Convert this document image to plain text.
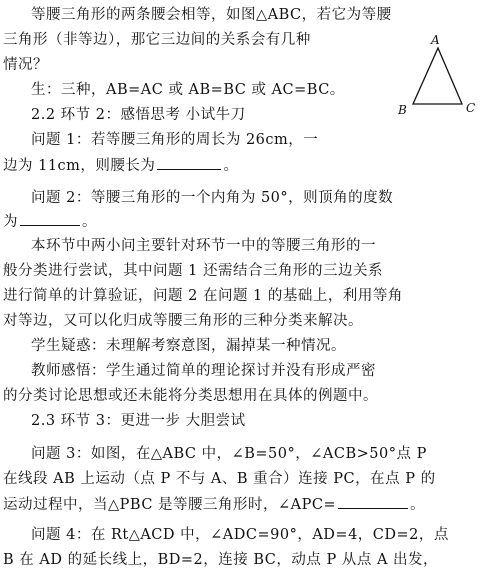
等腰三角形的两条腰会相等，如图△ABC，若它为等腰
三角形（非等边），那它三边间的关系会有几种
情况？
生：三种，AB=AC 或 AB=BC 或 AC=BC。
2.2 环节 2：感悟思考 小试牛刀
问题 1：若等腰三角形的周长为 26cm，一
边为 11cm，则腰长为	。
问题 2：等腰三角形的一个内角为 50°，则顶角的度数
为	。
本环节中两小问主要针对环节一中的等腰三角形的一
般分类进行尝试，其中问题 1 还需结合三角形的三边关系
进行简单的计算验证，问题 2 在问题 1 的基础上，利用等角
对等边，又可以化归成等腰三角形的三种分类来解决。
学生疑惑：未理解考察意图，漏掉某一种情况。
教师感悟：学生通过简单的理论探讨并没有形成严密
的分类讨论思想或还未能将分类思想用在具体的例题中。
2.3 环节 3：更进一步 大胆尝试
问题 3：如图，在△ABC 中，∠B=50°，∠ACB>50°点 P
在线段 AB 上运动（点 P 不与 A、B 重合）连接 PC，在点 P 的
运动过程中，当△PBC 是等腰三角形时，∠APC=	。
问题 4：在 Rt△ACD 中，∠ADC=90°，AD=4，CD=2，点
B 在 AD 的延长线上，BD=2，连接 BC，动点 P 从点 A 出发，
A
B	C
